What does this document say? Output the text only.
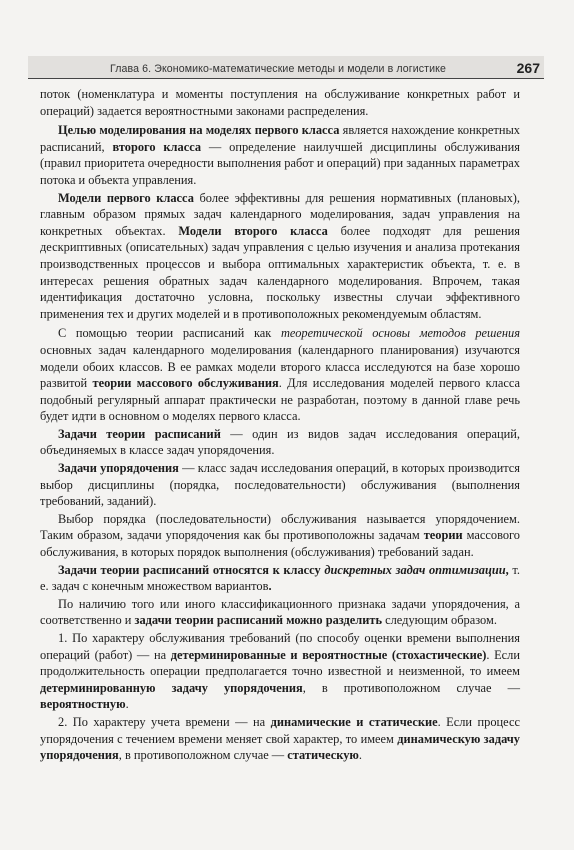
Глава 6. Экономико-математические методы и модели в логистике	267

поток (номенклатура и моменты поступления на обслуживание конкретных работ и операций) задается вероятностными законами распределения.

Целью моделирования на моделях первого класса является нахождение конкретных расписаний, второго класса — определение наилучшей дисциплины обслуживания (правил приоритета очередности выполнения работ и операций) при заданных параметрах потока и объекта управления.

Модели первого класса более эффективны для решения нормативных (плановых), главным образом прямых задач календарного моделирования, задач управления на конкретных объектах. Модели второго класса более подходят для решения дескриптивных (описательных) задач управления с целью изучения и анализа протекания производственных процессов и выбора оптимальных характеристик объекта, т. е. в интересах решения обратных задач календарного моделирования. Впрочем, такая идентификация достаточно условна, поскольку известны случаи эффективного применения тех и других моделей и в противоположных рекомендуемым областям.

С помощью теории расписаний как теоретической основы методов решения основных задач календарного моделирования (календарного планирования) изучаются модели обоих классов. В ее рамках модели второго класса исследуются на базе хорошо развитой теории массового обслуживания. Для исследования моделей первого класса подобный регулярный аппарат практически не разработан, поэтому в данной главе речь будет идти в основном о моделях первого класса.

Задачи теории расписаний — один из видов задач исследования операций, объединяемых в классе задач упорядочения.

Задачи упорядочения — класс задач исследования операций, в которых производится выбор дисциплины (порядка, последовательности) обслуживания (выполнения требований, заданий).

Выбор порядка (последовательности) обслуживания называется упорядочением. Таким образом, задачи упорядочения как бы противоположны задачам теории массового обслуживания, в которых порядок выполнения (обслуживания) требований задан.

Задачи теории расписаний относятся к классу дискретных задач оптимизации, т. е. задач с конечным множеством вариантов.

По наличию того или иного классификационного признака задачи упорядочения, а соответственно и задачи теории расписаний можно разделить следующим образом.

1. По характеру обслуживания требований (по способу оценки времени выполнения операций (работ) — на детерминированные и вероятностные (стохастические). Если продолжительность операции предполагается точно известной и неизменной, то имеем детерминированную задачу упорядочения, в противоположном случае — вероятностную.

2. По характеру учета времени — на динамические и статические. Если процесс упорядочения с течением времени меняет свой характер, то имеем динамическую задачу упорядочения, в противоположном случае — статическую.
